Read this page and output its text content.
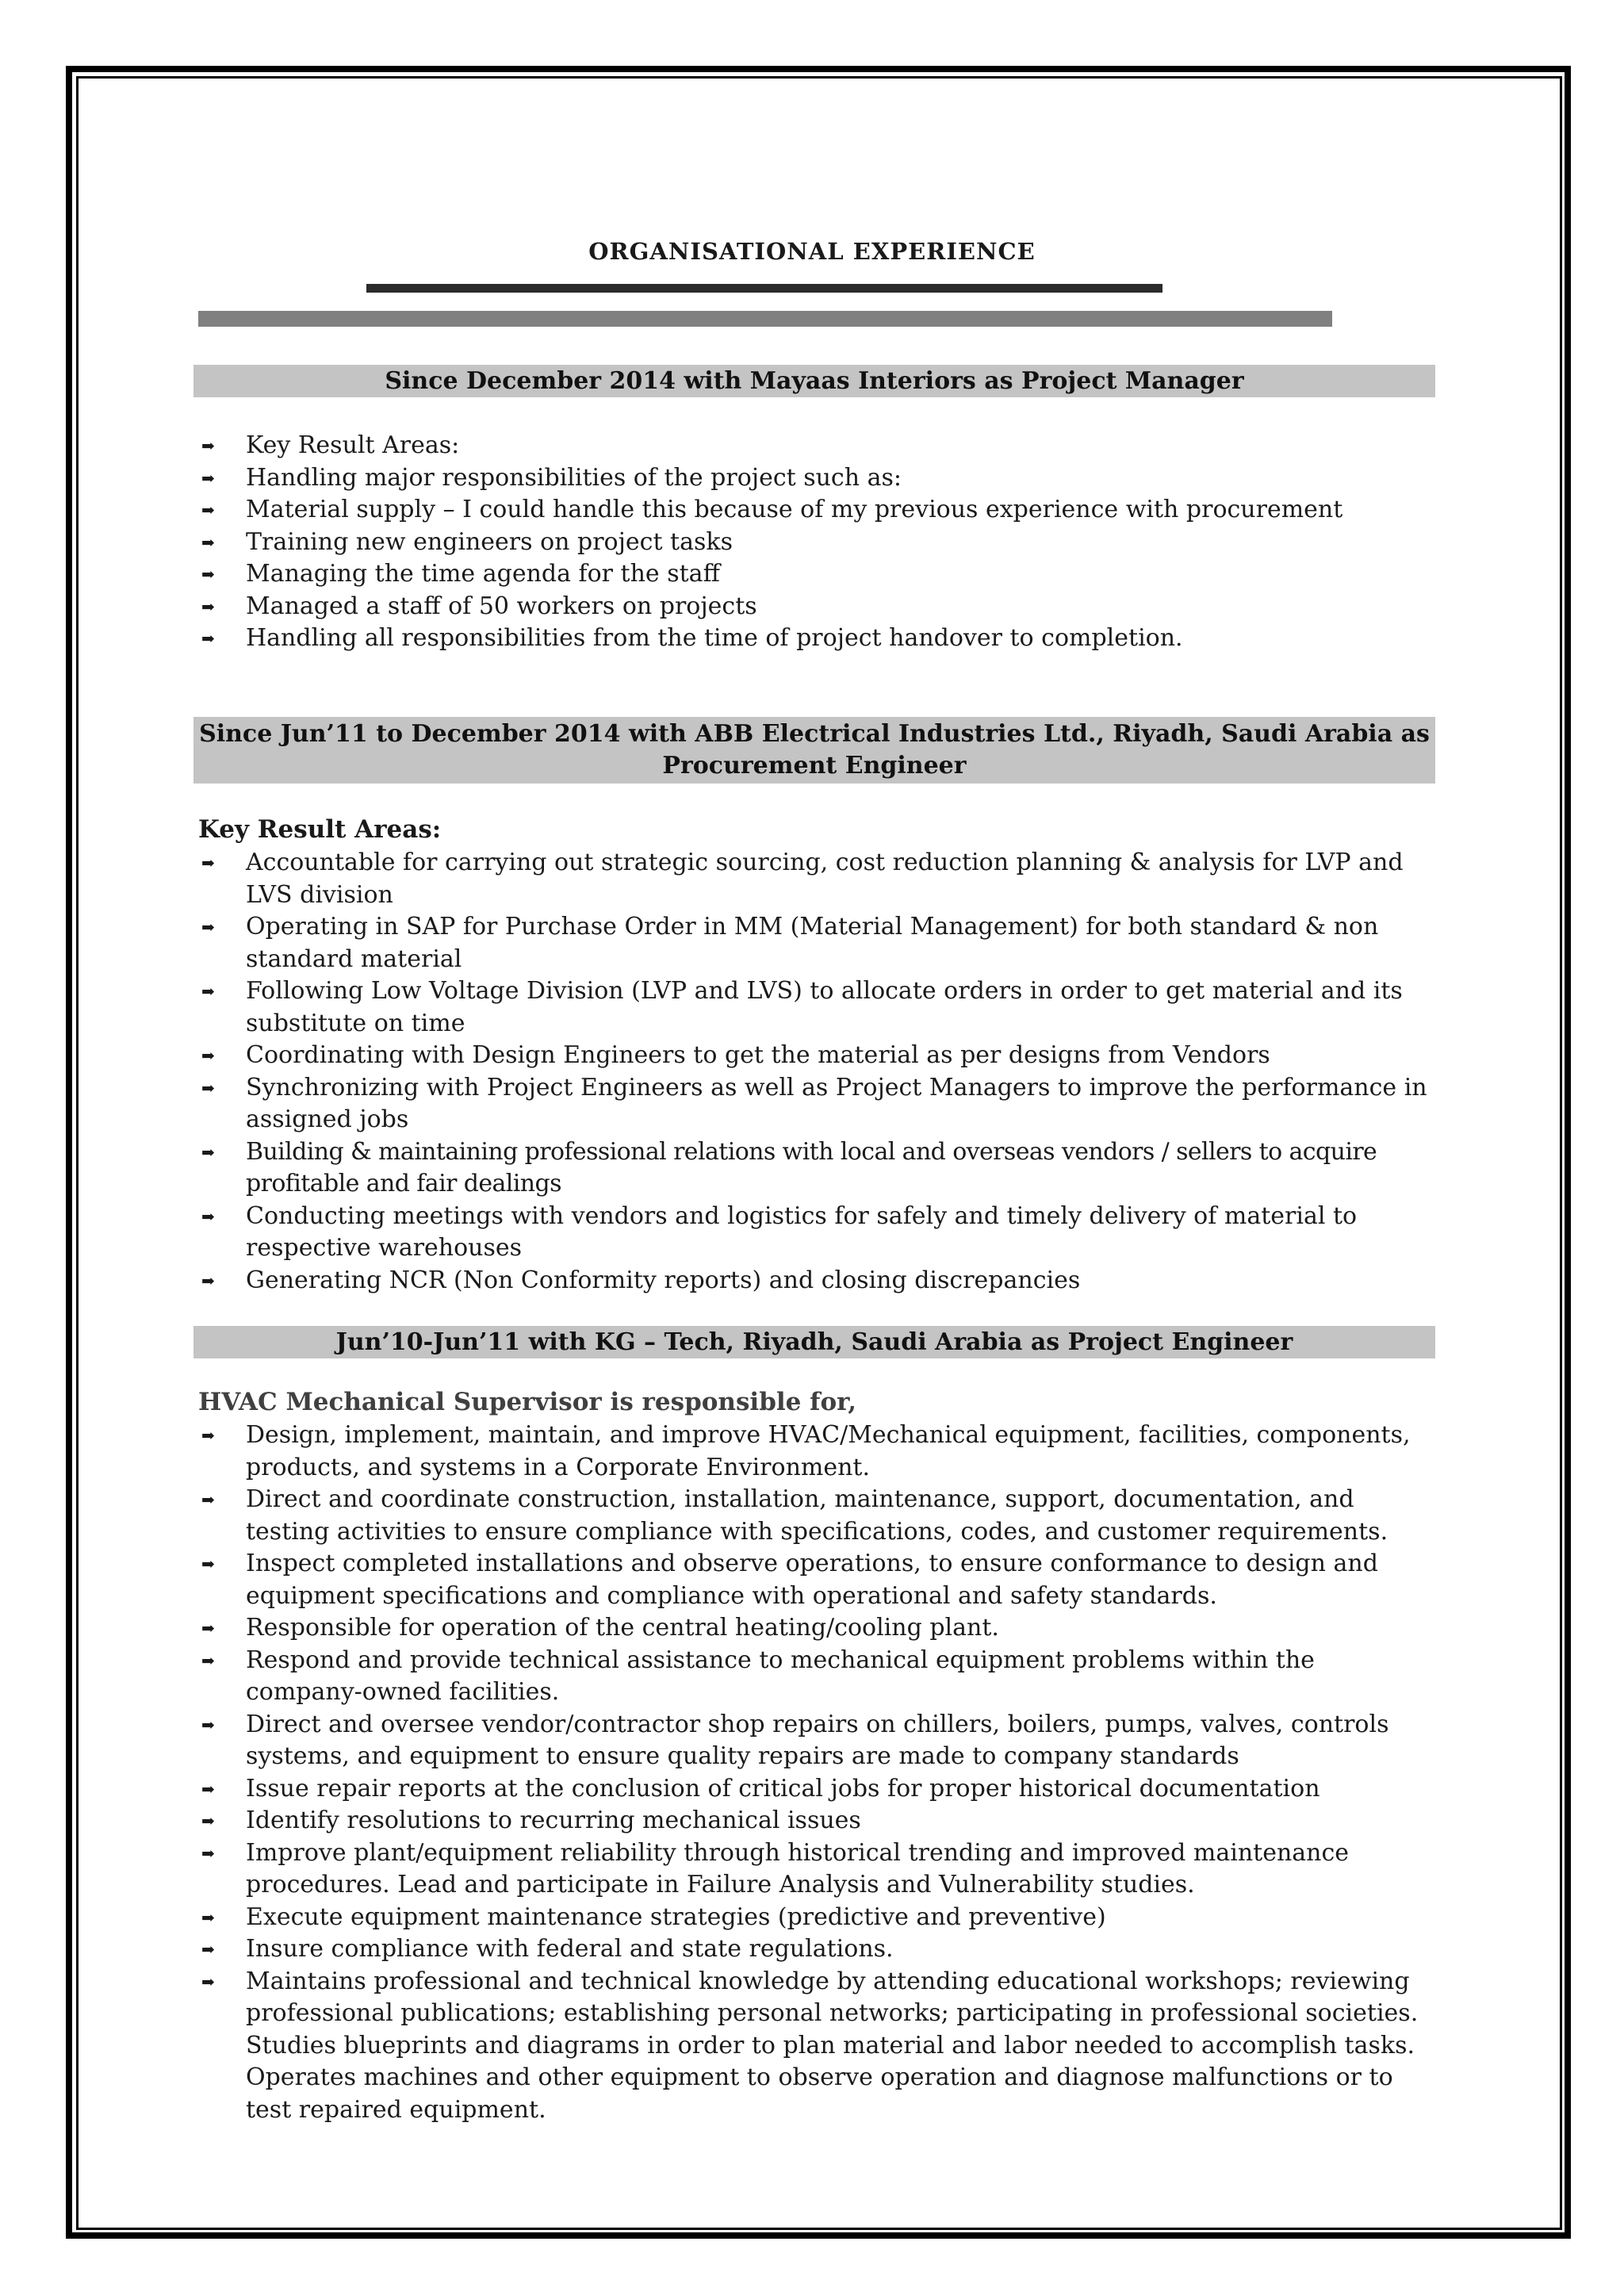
ORGANISATIONAL EXPERIENCE
Since December 2014 with Mayaas Interiors as Project Manager
➡ Key Result Areas:
➡ Handling major responsibilities of the project such as:
➡ Material supply – I could handle this because of my previous experience with procurement
➡ Training new engineers on project tasks
➡ Managing the time agenda for the staff
➡ Managed a staff of 50 workers on projects
➡ Handling all responsibilities from the time of project handover to completion.
Since Jun’11 to December 2014 with ABB Electrical Industries Ltd., Riyadh, Saudi Arabia as
Procurement Engineer
Key Result Areas:
➡ Accountable for carrying out strategic sourcing, cost reduction planning & analysis for LVP and LVS division
➡ Operating in SAP for Purchase Order in MM (Material Management) for both standard & non standard material
➡ Following Low Voltage Division (LVP and LVS) to allocate orders in order to get material and its substitute on time
➡ Coordinating with Design Engineers to get the material as per designs from Vendors
➡ Synchronizing with Project Engineers as well as Project Managers to improve the performance in assigned jobs
➡ Building & maintaining professional relations with local and overseas vendors / sellers to acquire profitable and fair dealings
➡ Conducting meetings with vendors and logistics for safely and timely delivery of material to respective warehouses
➡ Generating NCR (Non Conformity reports) and closing discrepancies
Jun’10-Jun’11 with KG – Tech, Riyadh, Saudi Arabia as Project Engineer
HVAC Mechanical Supervisor is responsible for,
➡ Design, implement, maintain, and improve HVAC/Mechanical equipment, facilities, components, products, and systems in a Corporate Environment.
➡ Direct and coordinate construction, installation, maintenance, support, documentation, and testing activities to ensure compliance with specifications, codes, and customer requirements.
➡ Inspect completed installations and observe operations, to ensure conformance to design and equipment specifications and compliance with operational and safety standards.
➡ Responsible for operation of the central heating/cooling plant.
➡ Respond and provide technical assistance to mechanical equipment problems within the company-owned facilities.
➡ Direct and oversee vendor/contractor shop repairs on chillers, boilers, pumps, valves, controls systems, and equipment to ensure quality repairs are made to company standards
➡ Issue repair reports at the conclusion of critical jobs for proper historical documentation
➡ Identify resolutions to recurring mechanical issues
➡ Improve plant/equipment reliability through historical trending and improved maintenance procedures. Lead and participate in Failure Analysis and Vulnerability studies.
➡ Execute equipment maintenance strategies (predictive and preventive)
➡ Insure compliance with federal and state regulations.
➡ Maintains professional and technical knowledge by attending educational workshops; reviewing professional publications; establishing personal networks; participating in professional societies. Studies blueprints and diagrams in order to plan material and labor needed to accomplish tasks. Operates machines and other equipment to observe operation and diagnose malfunctions or to test repaired equipment.
